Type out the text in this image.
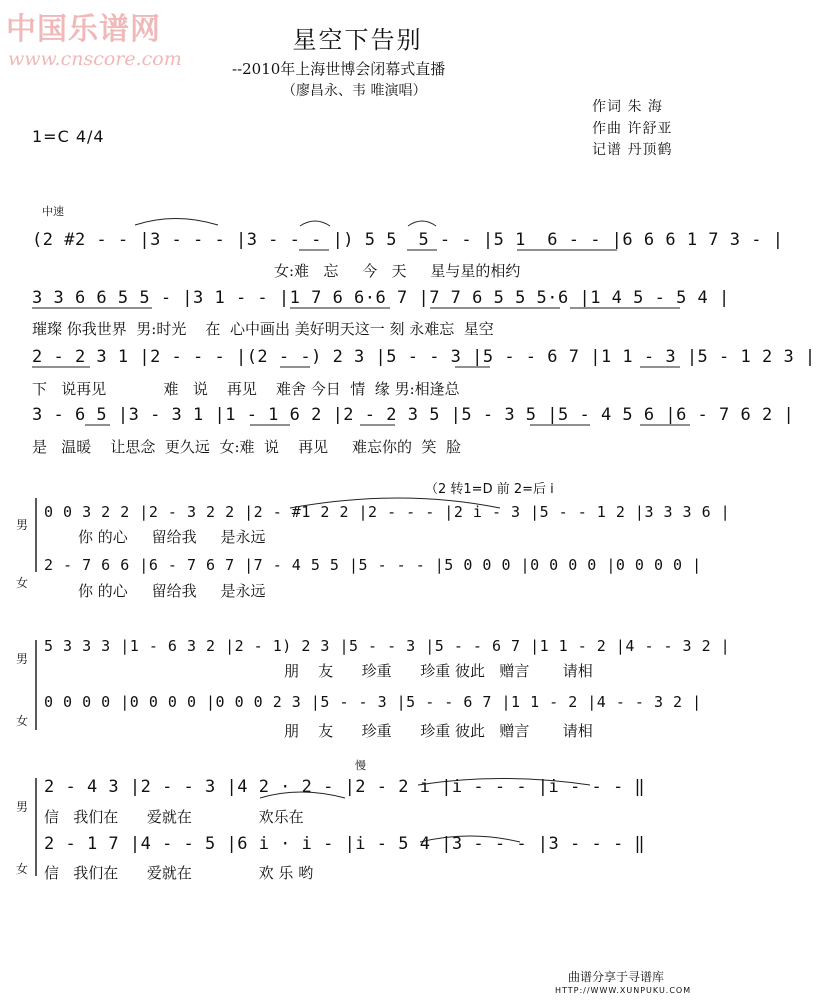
中国乐谱网
www.cnscore.com
星空下告别
--2010年上海世博会闭幕式直播
（廖昌永、韦 唯演唱）
作词 朱 海
作曲 许舒亚
记谱 丹顶鹤
1=C 4/4
中速
(2 #2 - - |3 - - - |3 - - - |) 5 5  5 - - |5 1  6 - - |6 6 6 1 7 3 - |
女:难   忘     今   天     星与星的相约
3 3 6 6 5 5 - |3 1 - - |1 7 6 6·6 7 |7 7 6 5 5 5·6 |1 4 5 - 5 4 |
璀璨 你我世界  男:时光    在  心中画出 美好明天这一 刻 永难忘  星空
2 - 2 3 1 |2 - - - |(2 - -) 2 3 |5 - - 3 |5 - - 6 7 |1 1 - 3 |5 - 1 2 3 |
下   说再见            难   说    再见    难舍 今日  情  缘 男:相逢总
3 - 6 5 |3 - 3 1 |1 - 1 6 2 |2 - 2 3 5 |5 - 3 5 |5 - 4 5 6 |6 - 7 6 2 |
是   温暖    让思念  更久远  女:难  说    再见     难忘你的  笑  脸
（2 转1=D 前 2=后 i
男
女
0 0 3 2 2 |2 - 3 2 2 |2 - #1 2 2 |2 - - - |2 i - 3 |5 - - 1 2 |3 3 3 6 |
你 的心     留给我     是永远
2 - 7 6 6 |6 - 7 6 7 |7 - 4 5 5 |5 - - - |5 0 0 0 |0 0 0 0 |0 0 0 0 |
你 的心     留给我     是永远
男
女
5 3 3 3 |1 - 6 3 2 |2 - 1) 2 3 |5 - - 3 |5 - - 6 7 |1 1 - 2 |4 - - 3 2 |
朋    友      珍重      珍重 彼此   赠言       请相
0 0 0 0 |0 0 0 0 |0 0 0 2 3 |5 - - 3 |5 - - 6 7 |1 1 - 2 |4 - - 3 2 |
朋    友      珍重      珍重 彼此   赠言       请相
慢
男
女
2 - 4 3 |2 - - 3 |4 2 · 2 - |2 - 2 i |i - - - |i - - - ‖
信   我们在      爱就在              欢乐在
2 - 1 7 |4 - - 5 |6 i · i - |i - 5 4 |3 - - - |3 - - - ‖
信   我们在      爱就在              欢 乐 哟
曲谱分享于寻谱库
HTTP://WWW.XUNPUKU.COM
